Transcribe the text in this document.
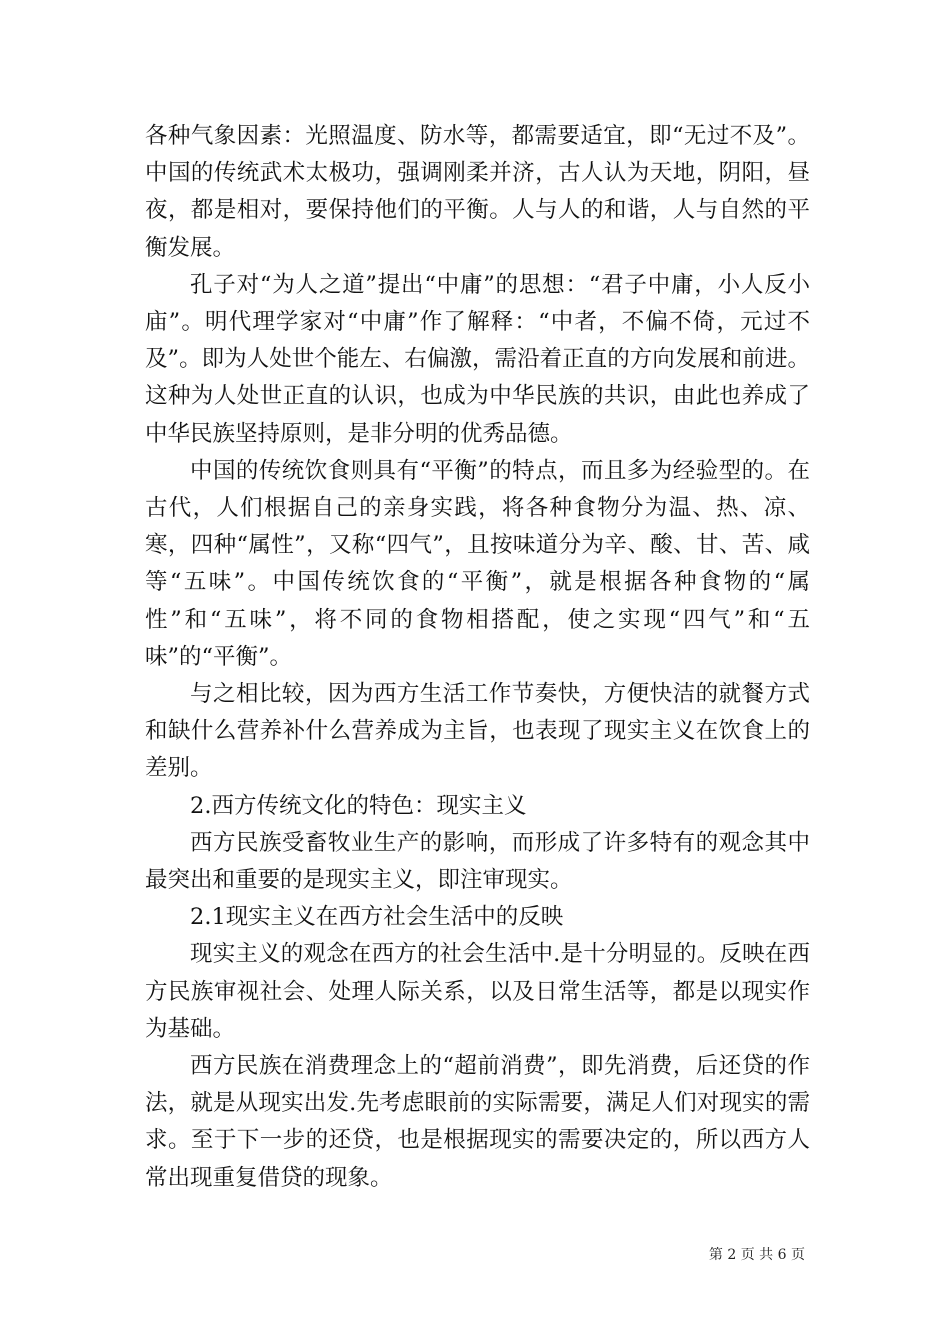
各种气象因素：光照温度、防水等，都需要适宜，即“无过不及”。中国的传统武术太极功，强调刚柔并济，古人认为天地，阴阳，昼夜，都是相对，要保持他们的平衡。人与人的和谐，人与自然的平衡发展。

孔子对“为人之道”提出“中庸”的思想：“君子中庸，小人反小庙”。明代理学家对“中庸”作了解释：“中者，不偏不倚，元过不及”。即为人处世个能左、右偏激，需沿着正直的方向发展和前进。这种为人处世正直的认识，也成为中华民族的共识，由此也养成了中华民族坚持原则，是非分明的优秀品德。

中国的传统饮食则具有“平衡”的特点，而且多为经验型的。在古代，人们根据自己的亲身实践，将各种食物分为温、热、凉、寒，四种“属性”，又称“四气”，且按味道分为辛、酸、甘、苦、咸等“五味”。中国传统饮食的“平衡”，就是根据各种食物的“属性”和“五味”，将不同的食物相搭配，使之实现“四气”和“五味”的“平衡”。

与之相比较，因为西方生活工作节奏快，方便快洁的就餐方式和缺什么营养补什么营养成为主旨，也表现了现实主义在饮食上的差别。

2.西方传统文化的特色：现实主义

西方民族受畜牧业生产的影响，而形成了许多特有的观念其中最突出和重要的是现实主义，即注审现实。

2.1现实主义在西方社会生活中的反映

现实主义的观念在西方的社会生活中.是十分明显的。反映在西方民族审视社会、处理人际关系，以及日常生活等，都是以现实作为基础。

西方民族在消费理念上的“超前消费”，即先消费，后还贷的作法，就是从现实出发.先考虑眼前的实际需要，满足人们对现实的需求。至于下一步的还贷，也是根据现实的需要决定的，所以西方人常出现重复借贷的现象。

第 2 页 共 6 页
